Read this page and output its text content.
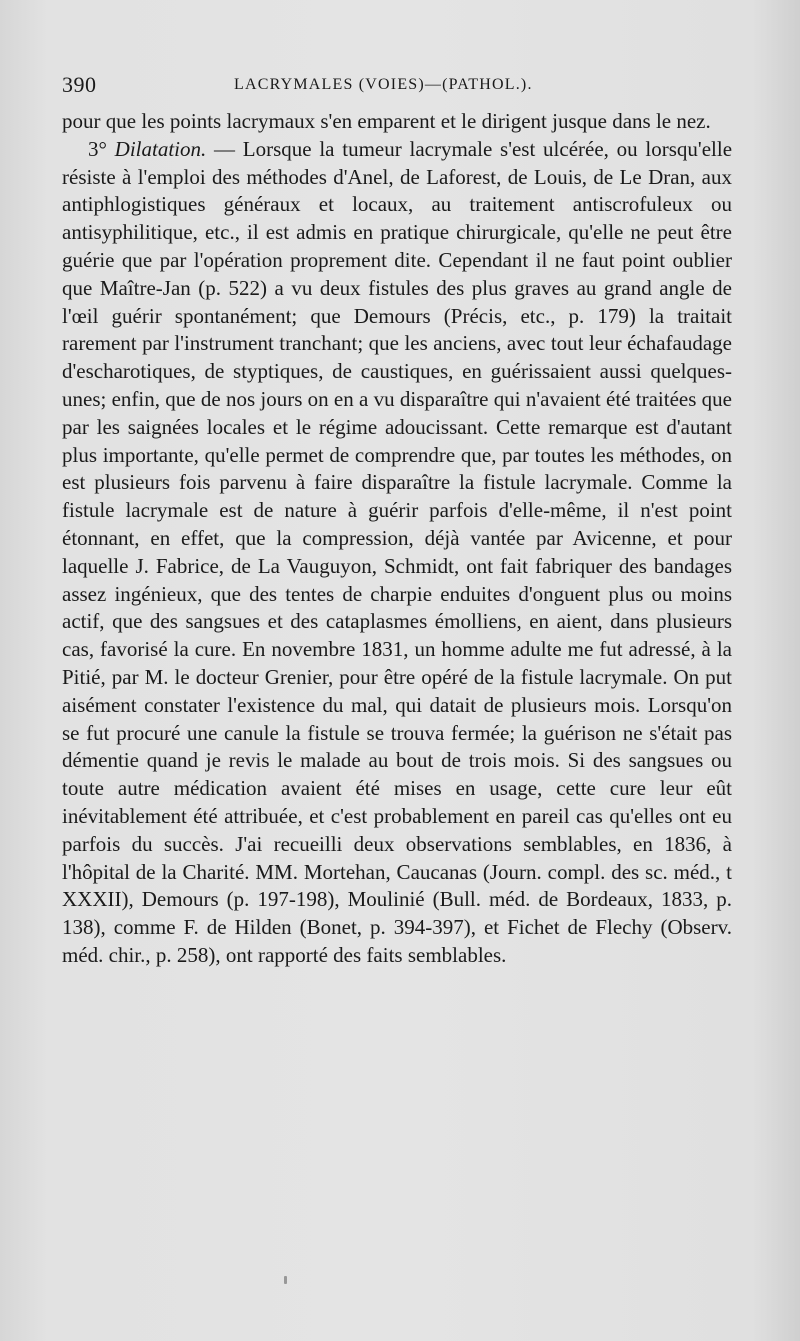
390	LACRYMALES (VOIES)—(PATHOL.).

pour que les points lacrymaux s'en emparent et le dirigent jusque dans le nez.

3° Dilatation. — Lorsque la tumeur lacrymale s'est ulcérée, ou lorsqu'elle résiste à l'emploi des méthodes d'Anel, de Laforest, de Louis, de Le Dran, aux antiphlogistiques généraux et locaux, au traitement antiscrofuleux ou antisyphilitique, etc., il est admis en pratique chirurgicale, qu'elle ne peut être guérie que par l'opération proprement dite. Cependant il ne faut point oublier que Maître-Jan (p. 522) a vu deux fistules des plus graves au grand angle de l'œil guérir spontanément; que Demours (Précis, etc., p. 179) la traitait rarement par l'instrument tranchant; que les anciens, avec tout leur échafaudage d'escharotiques, de styptiques, de caustiques, en guérissaient aussi quelques-unes; enfin, que de nos jours on en a vu disparaître qui n'avaient été traitées que par les saignées locales et le régime adoucissant. Cette remarque est d'autant plus importante, qu'elle permet de comprendre que, par toutes les méthodes, on est plusieurs fois parvenu à faire disparaître la fistule lacrymale. Comme la fistule lacrymale est de nature à guérir parfois d'elle-même, il n'est point étonnant, en effet, que la compression, déjà vantée par Avicenne, et pour laquelle J. Fabrice, de La Vauguyon, Schmidt, ont fait fabriquer des bandages assez ingénieux, que des tentes de charpie enduites d'onguent plus ou moins actif, que des sangsues et des cataplasmes émolliens, en aient, dans plusieurs cas, favorisé la cure. En novembre 1831, un homme adulte me fut adressé, à la Pitié, par M. le docteur Grenier, pour être opéré de la fistule lacrymale. On put aisément constater l'existence du mal, qui datait de plusieurs mois. Lorsqu'on se fut procuré une canule la fistule se trouva fermée; la guérison ne s'était pas démentie quand je revis le malade au bout de trois mois. Si des sangsues ou toute autre médication avaient été mises en usage, cette cure leur eût inévitablement été attribuée, et c'est probablement en pareil cas qu'elles ont eu parfois du succès. J'ai recueilli deux observations semblables, en 1836, à l'hôpital de la Charité. MM. Mortehan, Caucanas (Journ. compl. des sc. méd., t XXXII), Demours (p. 197-198), Moulinié (Bull. méd. de Bordeaux, 1833, p. 138), comme F. de Hilden (Bonet, p. 394-397), et Fichet de Flechy (Observ. méd. chir., p. 258), ont rapporté des faits semblables.
